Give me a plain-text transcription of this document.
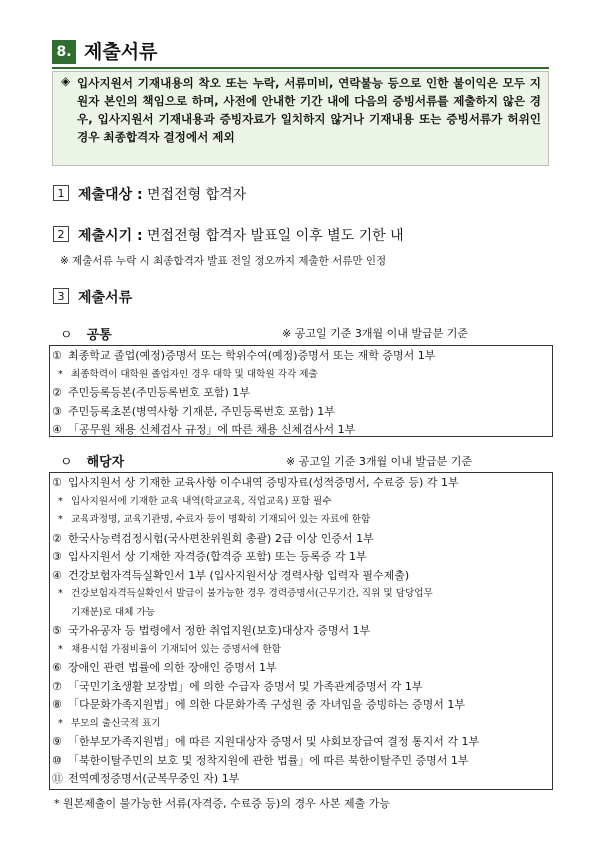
8. 제출서류
◈ 입사지원서 기재내용의 착오 또는 누락, 서류미비, 연락불능 등으로 인한 불이익은 모두 지원자 본인의 책임으로 하며, 사전에 안내한 기간 내에 다음의 증빙서류를 제출하지 않은 경우, 입사지원서 기재내용과 증빙자료가 일치하지 않거나 기재내용 또는 증빙서류가 허위인 경우 최종합격자 결정에서 제외
1 제출대상 : 면접전형 합격자
2 제출시기 : 면접전형 합격자 발표일 이후 별도 기한 내
※ 제출서류 누락 시 최종합격자 발표 전일 정오까지 제출한 서류만 인정
3 제출서류
ㅇ 공통	※ 공고일 기준 3개월 이내 발급분 기준
① 최종학교 졸업(예정)증명서 또는 학위수여(예정)증명서 또는 재학 증명서 1부
* 최종학력이 대학원 졸업자인 경우 대학 및 대학원 각각 제출
② 주민등록등본(주민등록번호 포함) 1부
③ 주민등록초본(병역사항 기재분, 주민등록번호 포함) 1부
④ 「공무원 채용 신체검사 규정」에 따른 채용 신체검사서 1부
ㅇ 해당자	※ 공고일 기준 3개월 이내 발급분 기준
① 입사지원서 상 기재한 교육사항 이수내역 증빙자료(성적증명서, 수료증 등) 각 1부
* 입사지원서에 기재한 교육 내역(학교교육, 직업교육) 포함 필수
* 교육과정명, 교육기관명, 수료자 등이 명확히 기재되어 있는 자료에 한함
② 한국사능력검정시험(국사편찬위원회 총괄) 2급 이상 인증서 1부
③ 입사지원서 상 기재한 자격증(합격증 포함) 또는 등록증 각 1부
④ 건강보험자격득실확인서 1부 (입사지원서상 경력사항 입력자 필수제출)
* 건강보험자격득실확인서 발급이 불가능한 경우 경력증명서(근무기간, 직위 및 담당업무
기재분)로 대체 가능
⑤ 국가유공자 등 법령에서 정한 취업지원(보호)대상자 증명서 1부
* 채용시험 가점비율이 기재되어 있는 증명서에 한함
⑥ 장애인 관련 법률에 의한 장애인 증명서 1부
⑦ 「국민기초생활 보장법」에 의한 수급자 증명서 및 가족관계증명서 각 1부
⑧ 「다문화가족지원법」에 의한 다문화가족 구성원 중 자녀임을 증빙하는 증명서 1부
* 부모의 출신국적 표기
⑨ 「한부모가족지원법」에 따른 지원대상자 증명서 및 사회보장급여 결정 통지서 각 1부
⑩ 「북한이탈주민의 보호 및 정착지원에 관한 법률」에 따른 북한이탈주민 증명서 1부
⑪ 전역예정증명서(군복무중인 자) 1부
* 원본제출이 불가능한 서류(자격증, 수료증 등)의 경우 사본 제출 가능
